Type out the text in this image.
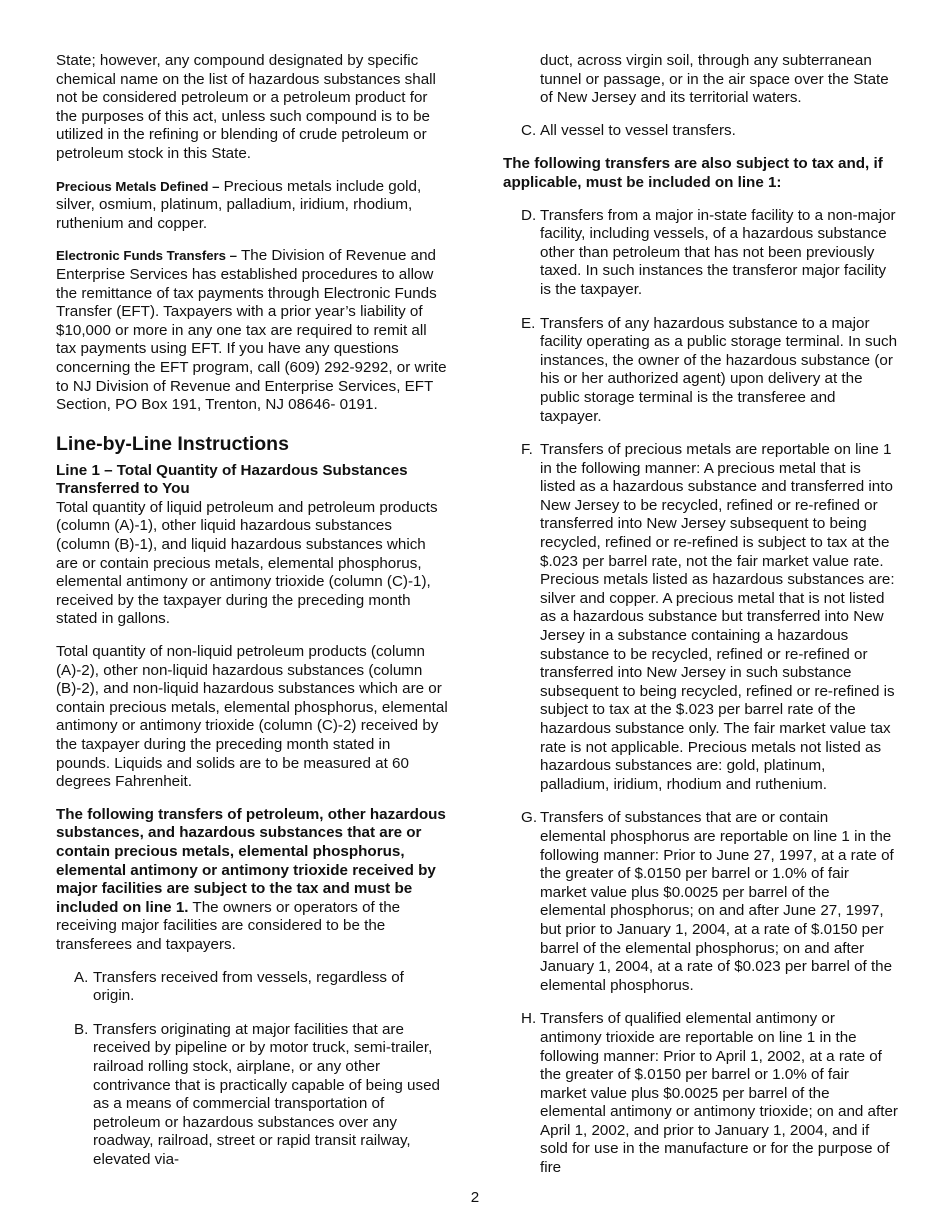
State; however, any compound designated by specific chemical name on the list of hazardous substances shall not be considered petroleum or a petroleum product for the purposes of this act, unless such compound is to be utilized in the refining or blending of crude petroleum or petroleum stock in this State.

Precious Metals Defined – Precious metals include gold, silver, osmium, platinum, palladium, iridium, rhodium, ruthenium and copper.

Electronic Funds Transfers – The Division of Revenue and Enterprise Services has established procedures to allow the remittance of tax payments through Electronic Funds Transfer (EFT). Taxpayers with a prior year’s liability of $10,000 or more in any one tax are required to remit all tax payments using EFT. If you have any questions concerning the EFT program, call (609) 292-9292, or write to NJ Division of Revenue and Enterprise Services, EFT Section, PO Box 191, Trenton, NJ 08646- 0191.

Line-by-Line Instructions

Line 1 – Total Quantity of Hazardous Substances Transferred to You

Total quantity of liquid petroleum and petroleum products (column (A)-1), other liquid hazardous substances (column (B)-1), and liquid hazardous substances which are or contain precious metals, elemental phosphorus, elemental antimony or antimony trioxide (column (C)-1), received by the taxpayer during the preceding month stated in gallons.

Total quantity of non-liquid petroleum products (column (A)-2), other non-liquid hazardous substances (column (B)-2), and non-liquid hazardous substances which are or contain precious metals, elemental phosphorus, elemental antimony or antimony trioxide (column (C)-2) received by the taxpayer during the preceding month stated in pounds. Liquids and solids are to be measured at 60 degrees Fahrenheit.

The following transfers of petroleum, other hazardous substances, and hazardous substances that are or contain precious metals, elemental phosphorus, elemental antimony or antimony trioxide received by major facilities are subject to the tax and must be included on line 1. The owners or operators of the receiving major facilities are considered to be the transferees and taxpayers.

A. Transfers received from vessels, regardless of origin.
B. Transfers originating at major facilities that are received by pipeline or by motor truck, semi-trailer, railroad rolling stock, airplane, or any other contrivance that is practically capable of being used as a means of commercial transportation of petroleum or hazardous substances over any roadway, railroad, street or rapid transit railway, elevated via-

duct, across virgin soil, through any subterranean tunnel or passage, or in the air space over the State of New Jersey and its territorial waters.

C. All vessel to vessel transfers.

The following transfers are also subject to tax and, if applicable, must be included on line 1:

D. Transfers from a major in-state facility to a non-major facility, including vessels, of a hazardous substance other than petroleum that has not been previously taxed. In such instances the transferor major facility is the taxpayer.
E. Transfers of any hazardous substance to a major facility operating as a public storage terminal. In such instances, the owner of the hazardous substance (or his or her authorized agent) upon delivery at the public storage terminal is the transferee and taxpayer.
F. Transfers of precious metals are reportable on line 1 in the following manner: A precious metal that is listed as a hazardous substance and transferred into New Jersey to be recycled, refined or re-refined or transferred into New Jersey subsequent to being recycled, refined or re-refined is subject to tax at the $.023 per barrel rate, not the fair market value rate. Precious metals listed as hazardous substances are: silver and copper. A precious metal that is not listed as a hazardous substance but transferred into New Jersey in a substance containing a hazardous substance to be recycled, refined or re-refined or transferred into New Jersey in such substance subsequent to being recycled, refined or re-refined is subject to tax at the $.023 per barrel rate of the hazardous substance only. The fair market value tax rate is not applicable. Precious metals not listed as hazardous substances are: gold, platinum, palladium, iridium, rhodium and ruthenium.
G. Transfers of substances that are or contain elemental phosphorus are reportable on line 1 in the following manner: Prior to June 27, 1997, at a rate of the greater of $.0150 per barrel or 1.0% of fair market value plus $0.0025 per barrel of the elemental phosphorus; on and after June 27, 1997, but prior to January 1, 2004, at a rate of $.0150 per barrel of the elemental phosphorus; on and after January 1, 2004, at a rate of $0.023 per barrel of the elemental phosphorus.
H. Transfers of qualified elemental antimony or antimony trioxide are reportable on line 1 in the following manner: Prior to April 1, 2002, at a rate of the greater of $.0150 per barrel or 1.0% of fair market value plus $0.0025 per barrel of the elemental antimony or antimony trioxide; on and after April 1, 2002, and prior to January 1, 2004, and if sold for use in the manufacture or for the purpose of fire
2
